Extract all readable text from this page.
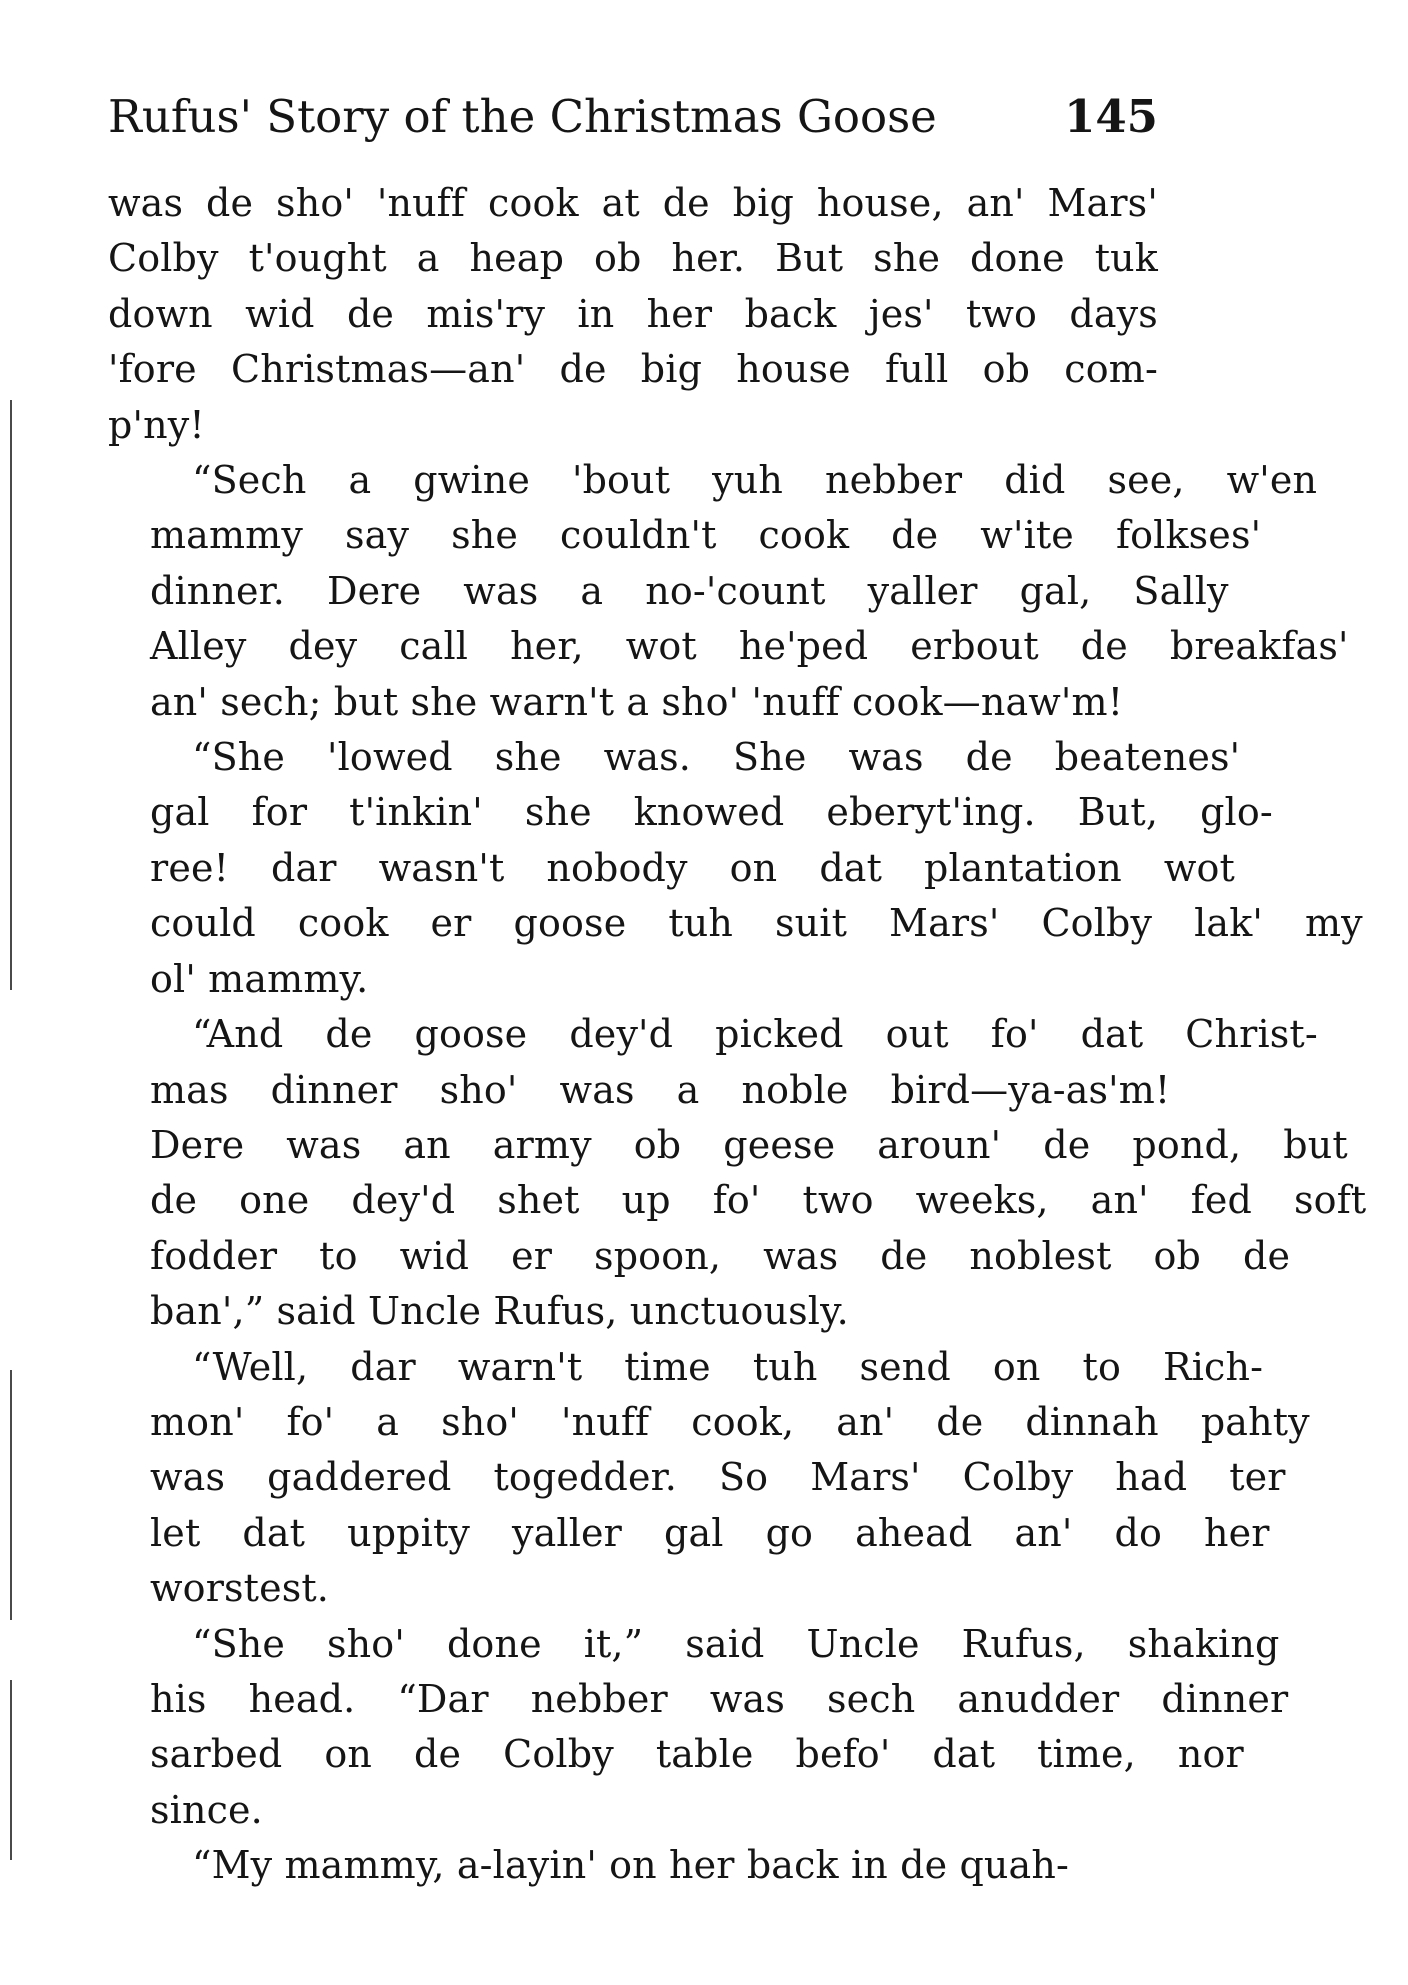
Rufus' Story of the Christmas Goose	145
was de sho' 'nuff cook at de big house, an' Mars'
Colby t'ought a heap ob her. But she done tuk
down wid de mis'ry in her back jes' two days
'fore Christmas—an' de big house full ob com-
p'ny!
“Sech	a	gwine	'bout	yuh	nebber	did	see,	w'en
mammy	say	she	couldn't	cook	de	w'ite	folkses'
dinner.	Dere	was	a	no-'count	yaller	gal,	Sally
Alley	dey	call	her,	wot	he'ped	erbout	de	breakfas'
an' sech; but she warn't a sho' 'nuff cook—naw'm!
“She	'lowed	she	was.	She	was	de	beatenes'
gal	for	t'inkin'	she	knowed	eberyt'ing.	But,	glo-
ree!	dar	wasn't	nobody	on	dat	plantation	wot
could	cook	er	goose	tuh	suit	Mars'	Colby	lak'	my
ol' mammy.
“And	de	goose	dey'd	picked	out	fo'	dat	Christ-
mas	dinner	sho'	was	a	noble	bird—ya-as'm!
Dere	was	an	army	ob	geese	aroun'	de	pond,	but
de	one	dey'd	shet	up	fo'	two	weeks,	an'	fed	soft
fodder	to	wid	er	spoon,	was	de	noblest	ob	de
ban',” said Uncle Rufus, unctuously.
“Well,	dar	warn't	time	tuh	send	on	to	Rich-
mon'	fo'	a	sho'	'nuff	cook,	an'	de	dinnah	pahty
was	gaddered	togedder.	So	Mars'	Colby	had	ter
let	dat	uppity	yaller	gal	go	ahead	an'	do	her
worstest.
“She	sho'	done	it,”	said	Uncle	Rufus,	shaking
his	head.	“Dar	nebber	was	sech	anudder	dinner
sarbed	on	de	Colby	table	befo'	dat	time,	nor
since.
“My mammy, a-layin' on her back in de quah-
